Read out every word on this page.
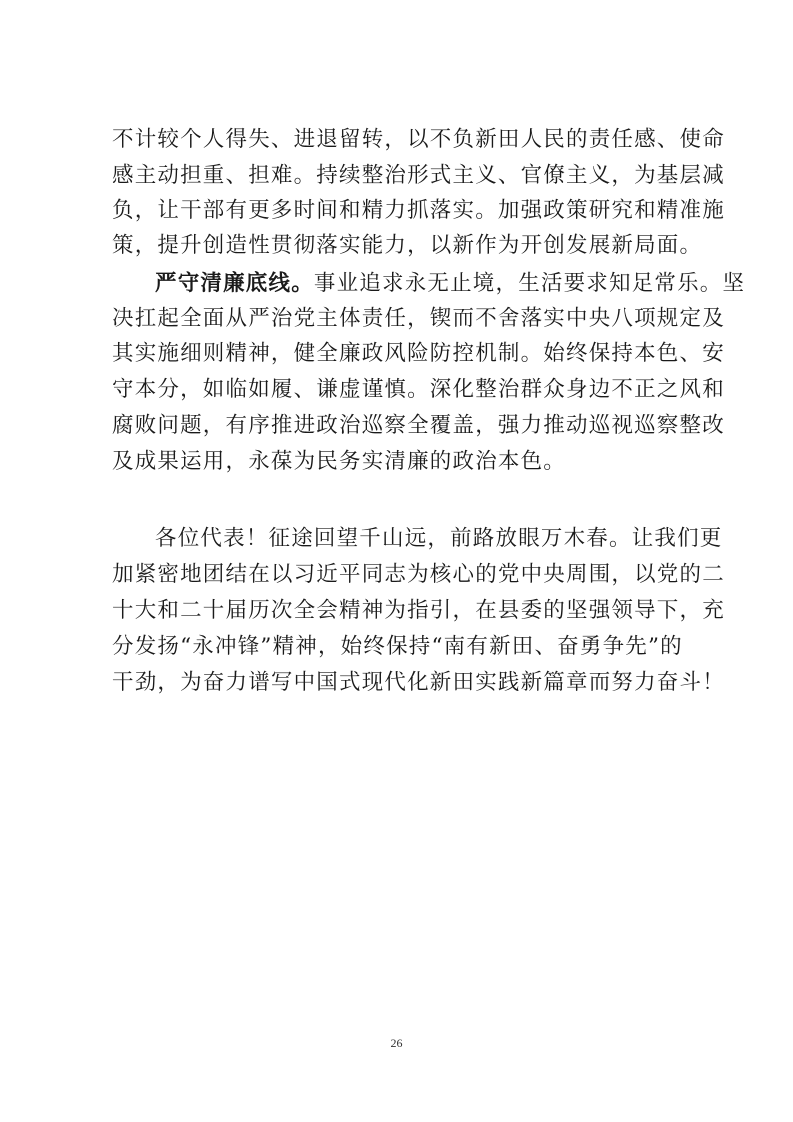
不计较个人得失、进退留转，以不负新田人民的责任感、使命
感主动担重、担难。持续整治形式主义、官僚主义，为基层减
负，让干部有更多时间和精力抓落实。加强政策研究和精准施
策，提升创造性贯彻落实能力，以新作为开创发展新局面。
严守清廉底线。事业追求永无止境，生活要求知足常乐。坚
决扛起全面从严治党主体责任，锲而不舍落实中央八项规定及
其实施细则精神，健全廉政风险防控机制。始终保持本色、安
守本分，如临如履、谦虚谨慎。深化整治群众身边不正之风和
腐败问题，有序推进政治巡察全覆盖，强力推动巡视巡察整改
及成果运用，永葆为民务实清廉的政治本色。
各位代表！征途回望千山远，前路放眼万木春。让我们更
加紧密地团结在以习近平同志为核心的党中央周围，以党的二
十大和二十届历次全会精神为指引，在县委的坚强领导下，充
分发扬“永冲锋”精神，始终保持“南有新田、奋勇争先”的
干劲，为奋力谱写中国式现代化新田实践新篇章而努力奋斗！
26
